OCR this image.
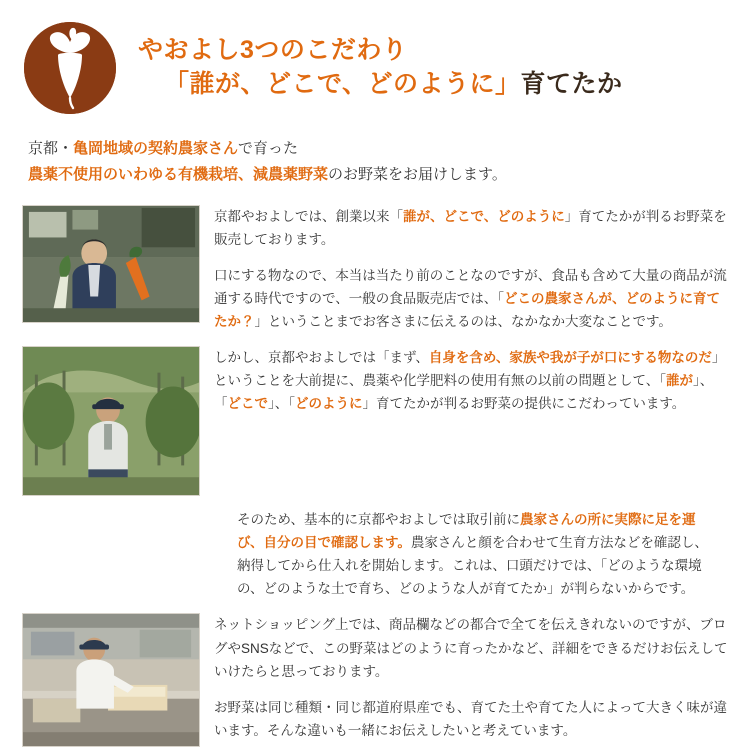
やおよし3つのこだわり
「誰が、どこで、どのように」育てたか
京都・亀岡地域の契約農家さんで育った
農薬不使用のいわゆる有機栽培、減農薬野菜のお野菜をお届けします。

京都やおよしでは、創業以来「誰が、どこで、どのように」育てたかが判るお野菜を販売しております。

口にする物なので、本当は当たり前のことなのですが、食品も含めて大量の商品が流通する時代ですので、一般の食品販売店では、「どこの農家さんが、どのように育てたか？」ということまでお客さまに伝えるのは、なかなか大変なことです。

しかし、京都やおよしでは「まず、自身を含め、家族や我が子が口にする物なのだ」ということを大前提に、農薬や化学肥料の使用有無の以前の問題として、「誰が」、「どこで」、「どのように」育てたかが判るお野菜の提供にこだわっています。

そのため、基本的に京都やおよしでは取引前に農家さんの所に実際に足を運び、自分の目で確認します。農家さんと顔を合わせて生育方法などを確認し、納得してから仕入れを開始します。これは、口頭だけでは、「どのような環境の、どのような土で育ち、どのような人が育てたか」が判らないからです。

ネットショッピング上では、商品欄などの都合で全てを伝えきれないのですが、ブログやSNSなどで、この野菜はどのように育ったかなど、詳細をできるだけお伝えしていけたらと思っております。

お野菜は同じ種類・同じ都道府県産でも、育てた土や育てた人によって大きく味が違います。そんな違いも一緒にお伝えしたいと考えています。
